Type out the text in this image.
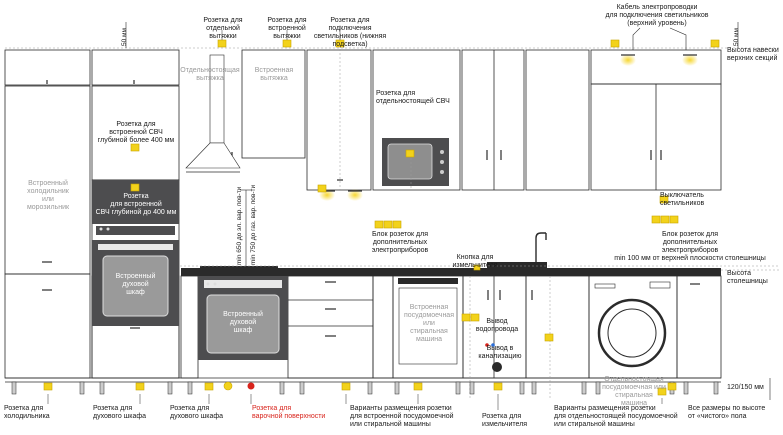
Розетка для
отдельной
вытяжки
Розетка для
встроенной
вытяжки
Розетка для
подключения
светильников (нижняя подсветка)
Кабель электропроводки
для подключения светильников
(верхний уровень)
50 мм	50 мм
Высота навески
верхних секций
Отдельностоящая
вытяжка
Встроенная
вытяжка
Встроенный
холодильник
или
морозильник
Розетка для
встроенной СВЧ
глубиной более 400 мм
Розетка
для встроенной
СВЧ глубиной до 400 мм
Встроенный
духовой
шкаф
Встроенный
духовой
шкаф
Розетка для
отдельностоящей СВЧ
Встроенная
посудомоечная
или
стиральная
машина
Отдельностоящая
посудомоечная или стиральная
машина
min 650 до эл. вар. пов-ти min 750 до газ. вар. пов-ти	Блок розеток для
дополнительных
электроприборов
Выключатель
светильников
Блок розеток для
дополнительных
электроприборов
min 100 мм от верхней плоскости столешницы
Кнопка для
измельчителя
Высота
столешницы
Вывод
водопровода
Вывод в
канализацию
120/150 мм
Розетка для
холодильника
Розетка для
духового шкафа
Розетка для
духового шкафа
Розетка для
варочной поверхности
Варианты размещения розетки
для встроенной посудомоечной
или стиральной машины
Розетка для
измельчителя
Варианты размещения розетки
для отдельностоящей посудомоечной
или стиральной машины
Все размеры по высоте
от «чистого» пола
